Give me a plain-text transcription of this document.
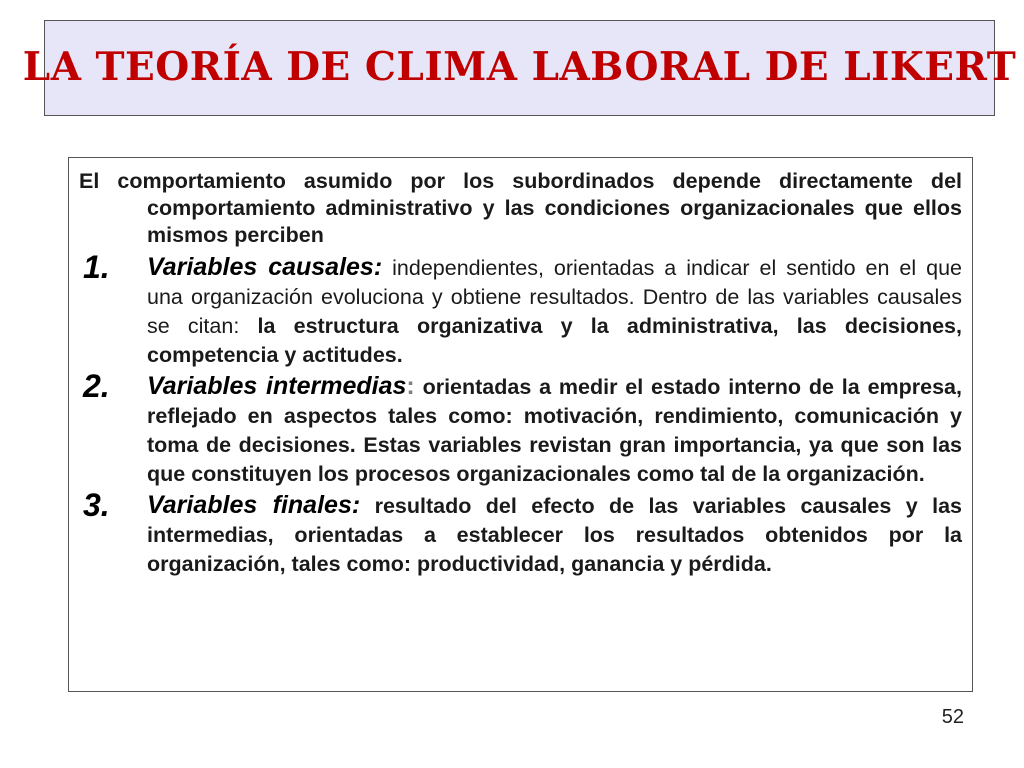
LA TEORÍA DE CLIMA LABORAL DE LIKERT

El comportamiento asumido por los subordinados depende directamente del comportamiento administrativo y las condiciones organizacionales que ellos mismos perciben

1. Variables causales: independientes, orientadas a indicar el sentido en el que una organización evoluciona y obtiene resultados. Dentro de las variables causales se citan: la estructura organizativa y la administrativa, las decisiones, competencia y actitudes.
2. Variables intermedias: orientadas a medir el estado interno de la empresa, reflejado en aspectos tales como: motivación, rendimiento, comunicación y toma de decisiones. Estas variables revistan gran importancia, ya que son las que constituyen los procesos organizacionales como tal de la organización.
3. Variables finales: resultado del efecto de las variables causales y las intermedias, orientadas a establecer los resultados obtenidos por la organización, tales como: productividad, ganancia y pérdida.
52
